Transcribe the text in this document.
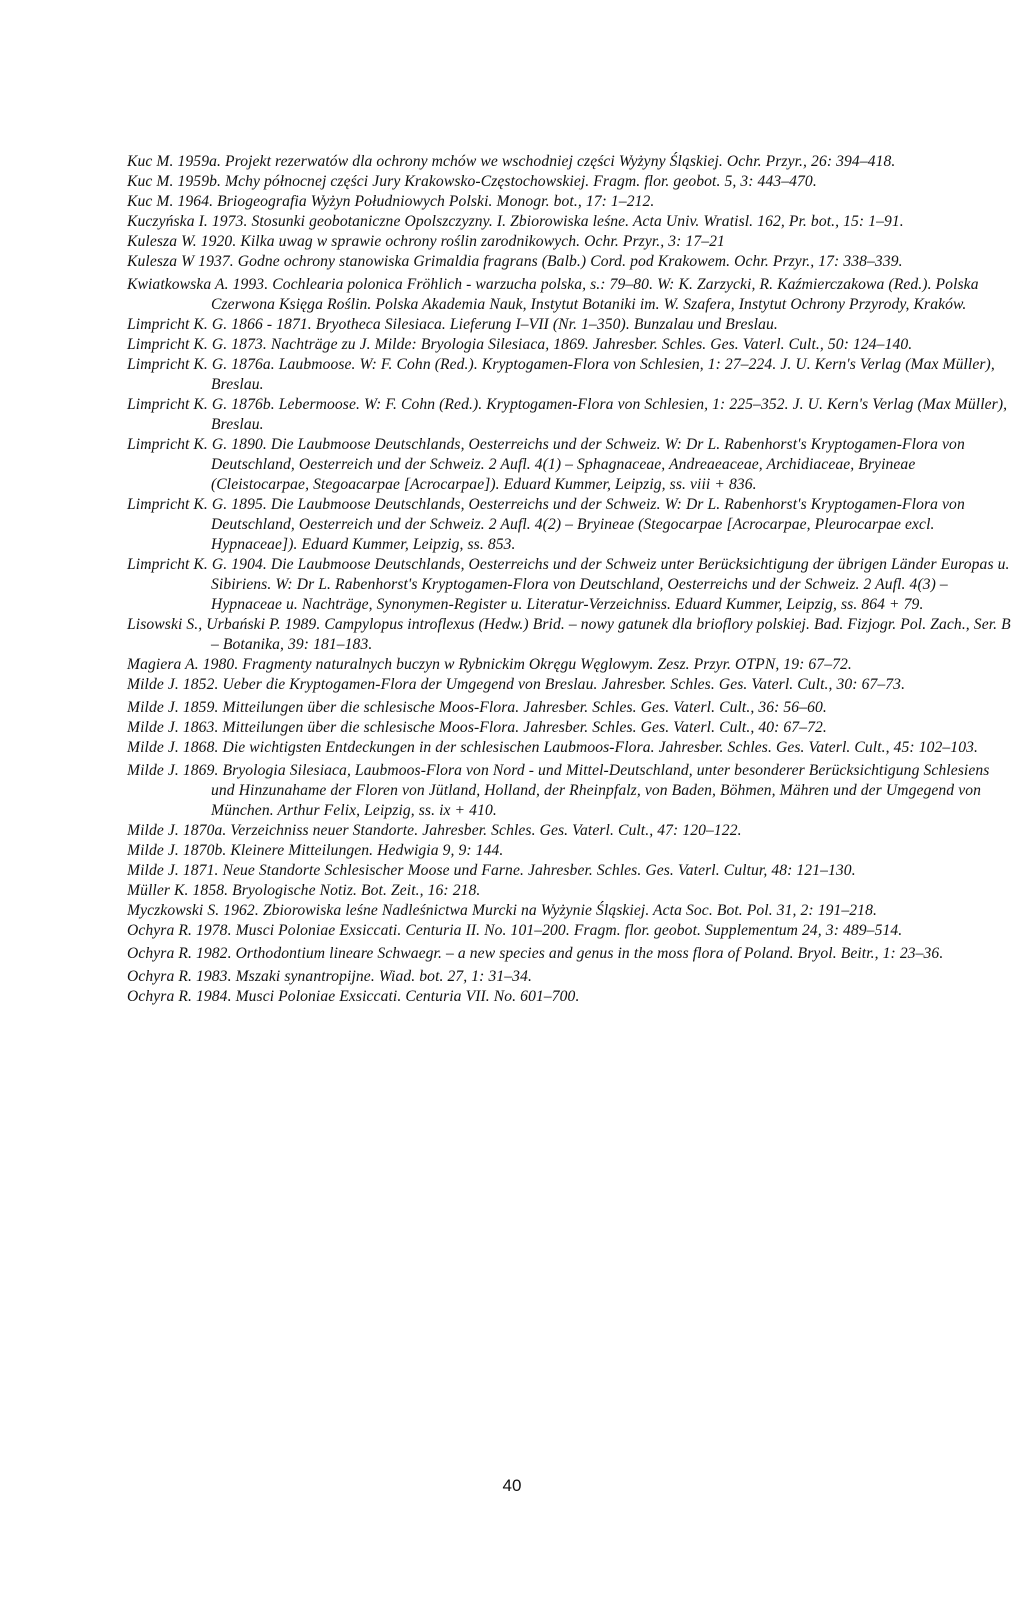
Kuc M. 1959a. Projekt rezerwatów dla ochrony mchów we wschodniej części Wyżyny Śląskiej. Ochr. Przyr., 26: 394–418.

Kuc M. 1959b. Mchy północnej części Jury Krakowsko-Częstochowskiej. Fragm. flor. geobot. 5, 3: 443–470.

Kuc M. 1964. Briogeografia Wyżyn Południowych Polski. Monogr. bot., 17: 1–212.

Kuczyńska I. 1973. Stosunki geobotaniczne Opolszczyzny. I. Zbiorowiska leśne. Acta Univ. Wratisl. 162, Pr. bot., 15: 1–91.

Kulesza W. 1920. Kilka uwag w sprawie ochrony roślin zarodnikowych. Ochr. Przyr., 3: 17–21

Kulesza W 1937. Godne ochrony stanowiska Grimaldia fragrans (Balb.) Cord. pod Krakowem. Ochr. Przyr., 17: 338–339.

Kwiatkowska A. 1993. Cochlearia polonica Fröhlich - warzucha polska, s.: 79–80. W: K. Zarzycki, R. Kaźmierczakowa (Red.). Polska Czerwona Księga Roślin. Polska Akademia Nauk, Instytut Botaniki im. W. Szafera, Instytut Ochrony Przyrody, Kraków.

Limpricht K. G. 1866 - 1871. Bryotheca Silesiaca. Lieferung I–VII (Nr. 1–350). Bunzalau und Breslau.

Limpricht K. G. 1873. Nachträge zu J. Milde: Bryologia Silesiaca, 1869. Jahresber. Schles. Ges. Vaterl. Cult., 50: 124–140.

Limpricht K. G. 1876a. Laubmoose. W: F. Cohn (Red.). Kryptogamen-Flora von Schlesien, 1: 27–224. J. U. Kern's Verlag (Max Müller), Breslau.

Limpricht K. G. 1876b. Lebermoose. W: F. Cohn (Red.). Kryptogamen-Flora von Schlesien, 1: 225–352. J. U. Kern's Verlag (Max Müller), Breslau.

Limpricht K. G. 1890. Die Laubmoose Deutschlands, Oesterreichs und der Schweiz. W: Dr L. Rabenhorst's Kryptogamen-Flora von Deutschland, Oesterreich und der Schweiz. 2 Aufl. 4(1) – Sphagnaceae, Andreaeaceae, Archidiaceae, Bryineae (Cleistocarpae, Stegoacarpae [Acrocarpae]). Eduard Kummer, Leipzig, ss. viii + 836.

Limpricht K. G. 1895. Die Laubmoose Deutschlands, Oesterreichs und der Schweiz. W: Dr L. Rabenhorst's Kryptogamen-Flora von Deutschland, Oesterreich und der Schweiz. 2 Aufl. 4(2) – Bryineae (Stegocarpae [Acrocarpae, Pleurocarpae excl. Hypnaceae]). Eduard Kummer, Leipzig, ss. 853.

Limpricht K. G. 1904. Die Laubmoose Deutschlands, Oesterreichs und der Schweiz unter Berücksichtigung der übrigen Länder Europas u. Sibiriens. W: Dr L. Rabenhorst's Kryptogamen-Flora von Deutschland, Oesterreichs und der Schweiz. 2 Aufl. 4(3) – Hypnaceae u. Nachträge, Synonymen-Register u. Literatur-Verzeichniss. Eduard Kummer, Leipzig, ss. 864 + 79.

Lisowski S., Urbański P. 1989. Campylopus introflexus (Hedw.) Brid. – nowy gatunek dla brioflory polskiej. Bad. Fizjogr. Pol. Zach., Ser. B – Botanika, 39: 181–183.

Magiera A. 1980. Fragmenty naturalnych buczyn w Rybnickim Okręgu Węglowym. Zesz. Przyr. OTPN, 19: 67–72.

Milde J. 1852. Ueber die Kryptogamen-Flora der Umgegend von Breslau. Jahresber. Schles. Ges. Vaterl. Cult., 30: 67–73.

Milde J. 1859. Mitteilungen über die schlesische Moos-Flora. Jahresber. Schles. Ges. Vaterl. Cult., 36: 56–60.

Milde J. 1863. Mitteilungen über die schlesische Moos-Flora. Jahresber. Schles. Ges. Vaterl. Cult., 40: 67–72.

Milde J. 1868. Die wichtigsten Entdeckungen in der schlesischen Laubmoos-Flora. Jahresber. Schles. Ges. Vaterl. Cult., 45: 102–103.

Milde J. 1869. Bryologia Silesiaca, Laubmoos-Flora von Nord - und Mittel-Deutschland, unter besonderer Berücksichtigung Schlesiens und Hinzunahame der Floren von Jütland, Holland, der Rheinpfalz, von Baden, Böhmen, Mähren und der Umgegend von München. Arthur Felix, Leipzig, ss. ix + 410.

Milde J. 1870a. Verzeichniss neuer Standorte. Jahresber. Schles. Ges. Vaterl. Cult., 47: 120–122.

Milde J. 1870b. Kleinere Mitteilungen. Hedwigia 9, 9: 144.

Milde J. 1871. Neue Standorte Schlesischer Moose und Farne. Jahresber. Schles. Ges. Vaterl. Cultur, 48: 121–130.

Müller K. 1858. Bryologische Notiz. Bot. Zeit., 16: 218.

Myczkowski S. 1962. Zbiorowiska leśne Nadleśnictwa Murcki na Wyżynie Śląskiej. Acta Soc. Bot. Pol. 31, 2: 191–218.

Ochyra R. 1978. Musci Poloniae Exsiccati. Centuria II. No. 101–200. Fragm. flor. geobot. Supplementum 24, 3: 489–514.

Ochyra R. 1982. Orthodontium lineare Schwaegr. – a new species and genus in the moss flora of Poland. Bryol. Beitr., 1: 23–36.

Ochyra R. 1983. Mszaki synantropijne. Wiad. bot. 27, 1: 31–34.

Ochyra R. 1984. Musci Poloniae Exsiccati. Centuria VII. No. 601–700.

40
